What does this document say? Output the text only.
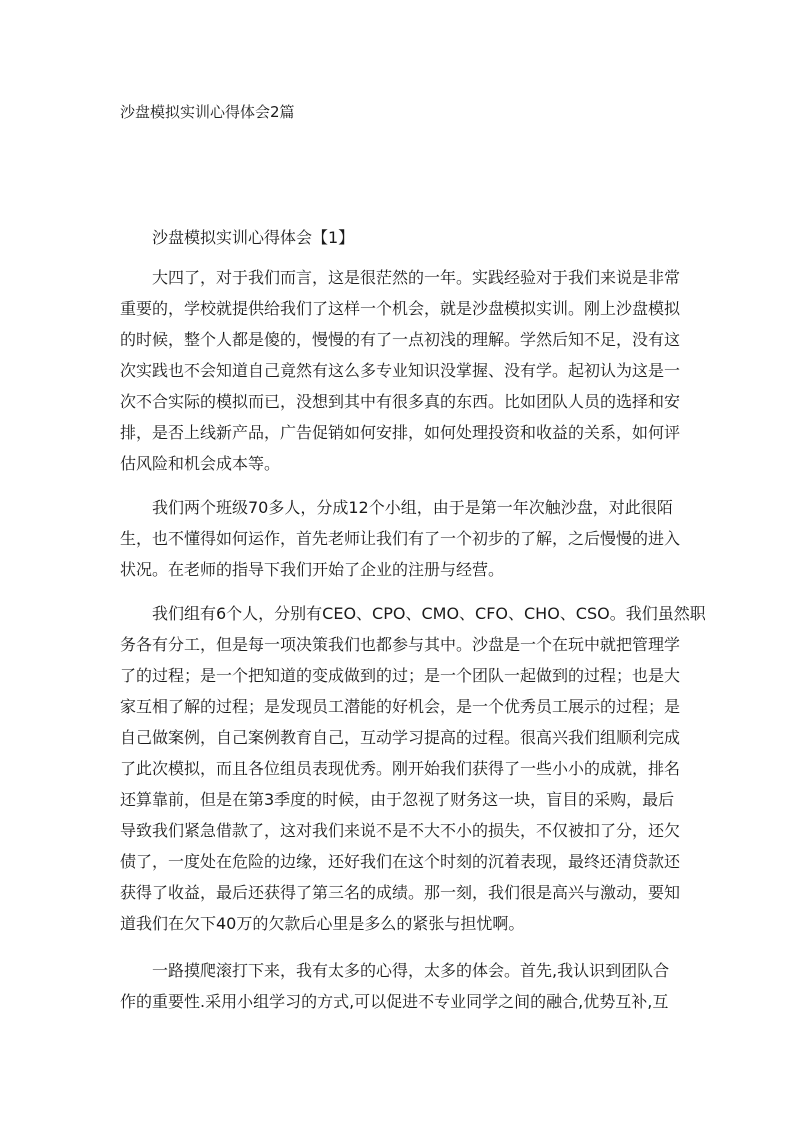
沙盘模拟实训心得体会2篇
沙盘模拟实训心得体会【1】
大四了，对于我们而言，这是很茫然的一年。实践经验对于我们来说是非常
重要的，学校就提供给我们了这样一个机会，就是沙盘模拟实训。刚上沙盘模拟
的时候，整个人都是傻的，慢慢的有了一点初浅的理解。学然后知不足，没有这
次实践也不会知道自己竟然有这么多专业知识没掌握、没有学。起初认为这是一
次不合实际的模拟而已，没想到其中有很多真的东西。比如团队人员的选择和安
排，是否上线新产品，广告促销如何安排，如何处理投资和收益的关系，如何评
估风险和机会成本等。
我们两个班级70多人，分成12个小组，由于是第一年次触沙盘，对此很陌
生，也不懂得如何运作，首先老师让我们有了一个初步的了解，之后慢慢的进入
状况。在老师的指导下我们开始了企业的注册与经营。
我们组有6个人，分别有CEO、CPO、CMO、CFO、CHO、CSO。我们虽然职
务各有分工，但是每一项决策我们也都参与其中。沙盘是一个在玩中就把管理学
了的过程；是一个把知道的变成做到的过；是一个团队一起做到的过程；也是大
家互相了解的过程；是发现员工潜能的好机会，是一个优秀员工展示的过程；是
自己做案例，自己案例教育自己，互动学习提高的过程。很高兴我们组顺利完成
了此次模拟，而且各位组员表现优秀。刚开始我们获得了一些小小的成就，排名
还算靠前，但是在第3季度的时候，由于忽视了财务这一块，盲目的采购，最后
导致我们紧急借款了，这对我们来说不是不大不小的损失，不仅被扣了分，还欠
债了，一度处在危险的边缘，还好我们在这个时刻的沉着表现，最终还清贷款还
获得了收益，最后还获得了第三名的成绩。那一刻，我们很是高兴与激动，要知
道我们在欠下40万的欠款后心里是多么的紧张与担忧啊。
一路摸爬滚打下来，我有太多的心得，太多的体会。首先,我认识到团队合
作的重要性.采用小组学习的方式,可以促进不专业同学之间的融合,优势互补,互
